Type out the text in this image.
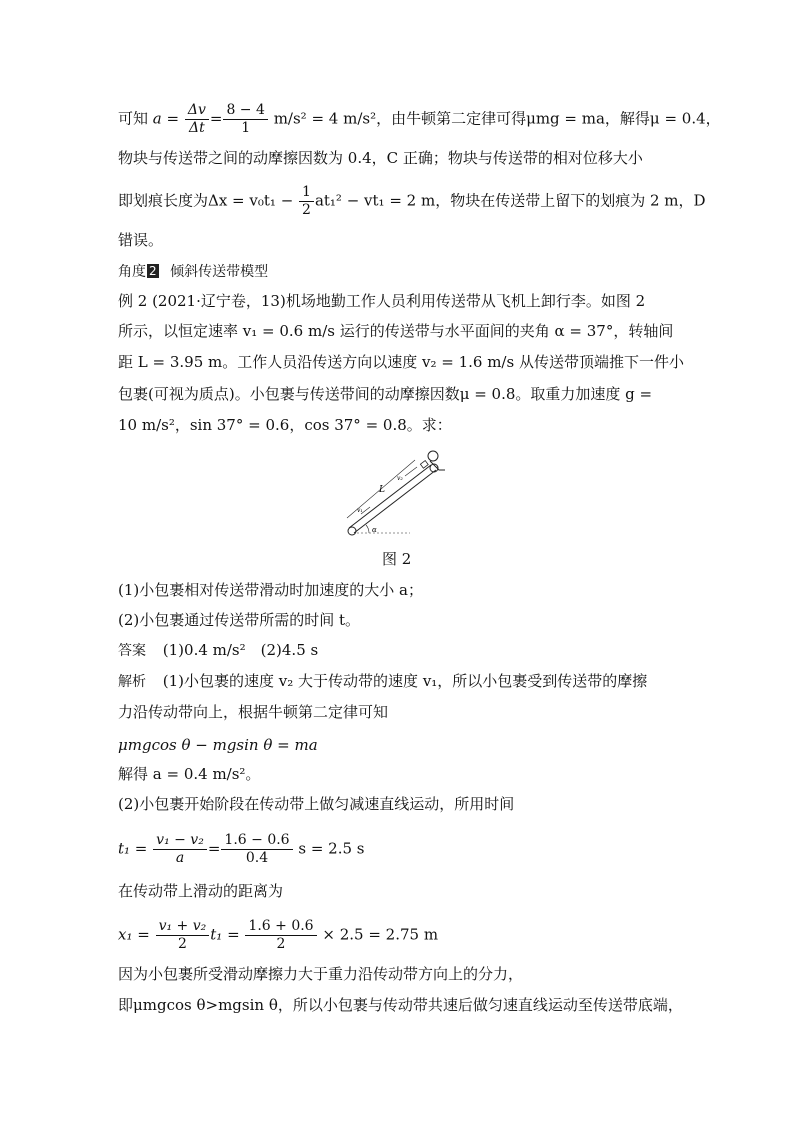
可知 $a = \frac{\Delta v}{\Delta t} = \frac{8 - 4}{1} m/s^2 = 4$ m/s²，由牛顿第二定律可得μmg = ma，解得μ = 0.4，
物块与传送带之间的动摩擦因数为 0.4，C 正确；物块与传送带的相对位移大小
即划痕长度为$\Delta x = v_0t_1 - \frac{1}{2} at_1^2 - vt_1 = 2$ m，物块在传送带上留下的划痕为 2 m，D
错误。
角度 2 倾斜传送带模型
例 2 (2021·辽宁卷，13)机场地勤工作人员利用传送带从飞机上卸行李。如图 2
所示，以恒定速率 v₁ = 0.6 m/s 运行的传送带与水平面间的夹角 α = 37°，转轴间
距 L = 3.95 m。工作人员沿传送方向以速度 v₂ = 1.6 m/s 从传送带顶端推下一件小
包裹(可视为质点)。小包裹与传送带间的动摩擦因数μ = 0.8。取重力加速度 g =
10 m/s²，sin 37° = 0.6，cos 37° = 0.8。求：
L
v₂
v₁
α
图 2
(1)小包裹相对传送带滑动时加速度的大小 a；
(2)小包裹通过传送带所需的时间 t。
答案 (1)0.4 m/s²　(2)4.5 s
解析 (1)小包裹的速度 v₂ 大于传动带的速度 v₁，所以小包裹受到传送带的摩擦
力沿传动带向上，根据牛顿第二定律可知
μmgcos θ − mgsin θ = ma
解得 a = 0.4 m/s²。
(2)小包裹开始阶段在传动带上做匀减速直线运动，所用时间
$t_1 = \frac{\text{v₁ − v₂}}{a} = \frac{1.6 - 0.6}{0.4}$ s = 2.5 s
在传动带上滑动的距离为
$x_1 = \frac{\text{v₁ + v₂}}{2} t_1 = \frac{1.6 + 0.6}{2} \times 2.5 = 2.75$ m
因为小包裹所受滑动摩擦力大于重力沿传动带方向上的分力，
即μmgcos θ>mgsin θ，所以小包裹与传动带共速后做匀速直线运动至传送带底端，
